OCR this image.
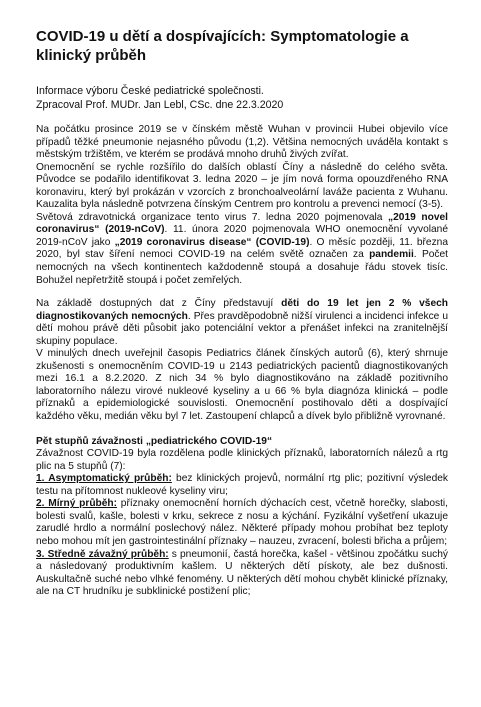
COVID-19 u dětí a dospívajících: Symptomatologie a klinický průběh

Informace výboru České pediatrické společnosti.

Zpracoval Prof. MUDr. Jan Lebl, CSc. dne 22.3.2020

Na počátku prosince 2019 se v čínském městě Wuhan v provincii Hubei objevilo více případů těžké pneumonie nejasného původu (1,2). Většina nemocných uváděla kontakt s městským tržištěm, ve kterém se prodává mnoho druhů živých zvířat.

Onemocnění se rychle rozšířilo do dalších oblastí Číny a následně do celého světa. Původce se podařilo identifikovat 3. ledna 2020 – je jím nová forma opouzdřeného RNA koronaviru, který byl prokázán v vzorcích z bronchoalveolární laváže pacienta z Wuhanu. Kauzalita byla následně potvrzena čínským Centrem pro kontrolu a prevenci nemocí (3-5).

Světová zdravotnická organizace tento virus 7. ledna 2020 pojmenovala „2019 novel coronavirus“ (2019-nCoV). 11. února 2020 pojmenovala WHO onemocnění vyvolané 2019-nCoV jako „2019 coronavirus disease“ (COVID-19). O měsíc později, 11. března 2020, byl stav šíření nemoci COVID-19 na celém světě označen za pandemii. Počet nemocných na všech kontinentech každodenně stoupá a dosahuje řádu stovek tisíc. Bohužel nepřetržitě stoupá i počet zemřelých.

Na základě dostupných dat z Číny představují děti do 19 let jen 2 % všech diagnostikovaných nemocných. Přes pravděpodobně nižší virulenci a incidenci infekce u dětí mohou právě děti působit jako potenciální vektor a přenášet infekci na zranitelnější skupiny populace.

V minulých dnech uveřejnil časopis Pediatrics článek čínských autorů (6), který shrnuje zkušenosti s onemocněním COVID-19 u 2143 pediatrických pacientů diagnostikovaných mezi 16.1 a 8.2.2020. Z nich 34 % bylo diagnostikováno na základě pozitivního laboratorního nálezu virové nukleové kyseliny a u 66 % byla diagnóza klinická – podle příznaků a epidemiologické souvislosti. Onemocnění postihovalo děti a dospívající každého věku, medián věku byl 7 let. Zastoupení chlapců a dívek bylo přibližně vyrovnané.

Pět stupňů závažnosti „pediatrického COVID-19“

Závažnost COVID-19 byla rozdělena podle klinických příznaků, laboratorních nálezů a rtg plic na 5 stupňů (7):

1. Asymptomatický průběh: bez klinických projevů, normální rtg plic; pozitivní výsledek testu na přítomnost nukleové kyseliny viru;

2. Mírný průběh: příznaky onemocnění horních dýchacích cest, včetně horečky, slabosti, bolesti svalů, kašle, bolesti v krku, sekrece z nosu a kýchání. Fyzikální vyšetření ukazuje zarudlé hrdlo a normální poslechový nález. Některé případy mohou probíhat bez teploty nebo mohou mít jen gastrointestinální příznaky – nauzeu, zvracení, bolesti břicha a průjem;

3. Středně závažný průběh: s pneumonií, častá horečka, kašel - většinou zpočátku suchý a následovaný produktivním kašlem. U některých dětí pískoty, ale bez dušnosti. Auskultačně suché nebo vlhké fenomény. U některých dětí mohou chybět klinické příznaky, ale na CT hrudníku je subklinické postižení plic;
